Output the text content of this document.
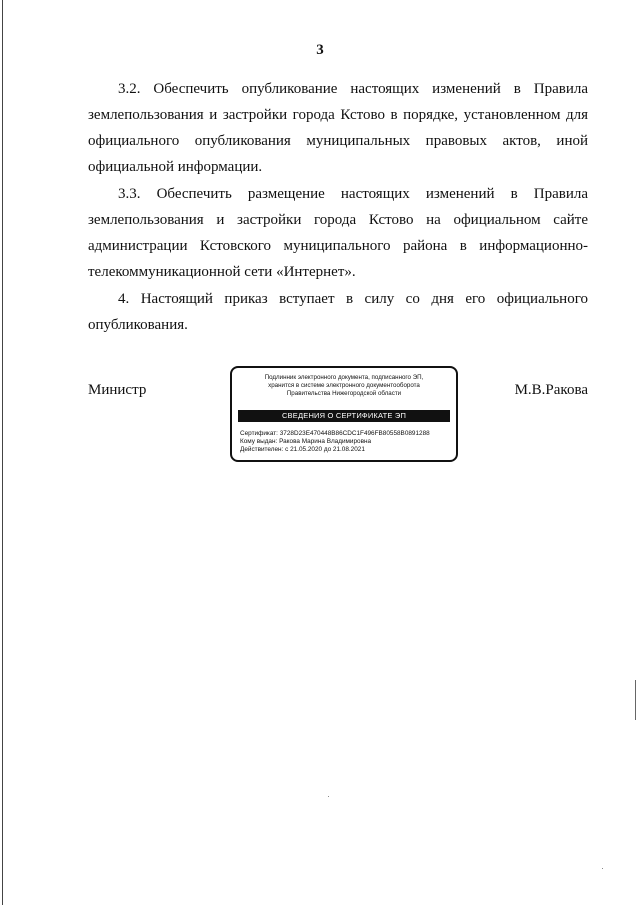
3

3.2. Обеспечить опубликование настоящих изменений в Правила
землепользования и застройки города Кстово в порядке, установленном для
официального опубликования муниципальных правовых актов, иной
официальной информации.

3.3. Обеспечить размещение настоящих изменений в Правила
землепользования и застройки города Кстово на официальном сайте
администрации Кстовского муниципального района в информационно-
телекоммуникационной сети «Интернет».

4. Настоящий приказ вступает в силу со дня его официального
опубликования.

Министр	М.В.Ракова
Подлинник электронного документа, подписанного ЭП,
хранится в системе электронного документооборота
Правительства Нижегородской области
СВЕДЕНИЯ О СЕРТИФИКАТЕ ЭП
Сертификат: 3728D23E470448B86CDC1F496FB80558B0891288
Кому выдан: Ракова Марина Владимировна
Действителен: с 21.05.2020 до 21.08.2021
